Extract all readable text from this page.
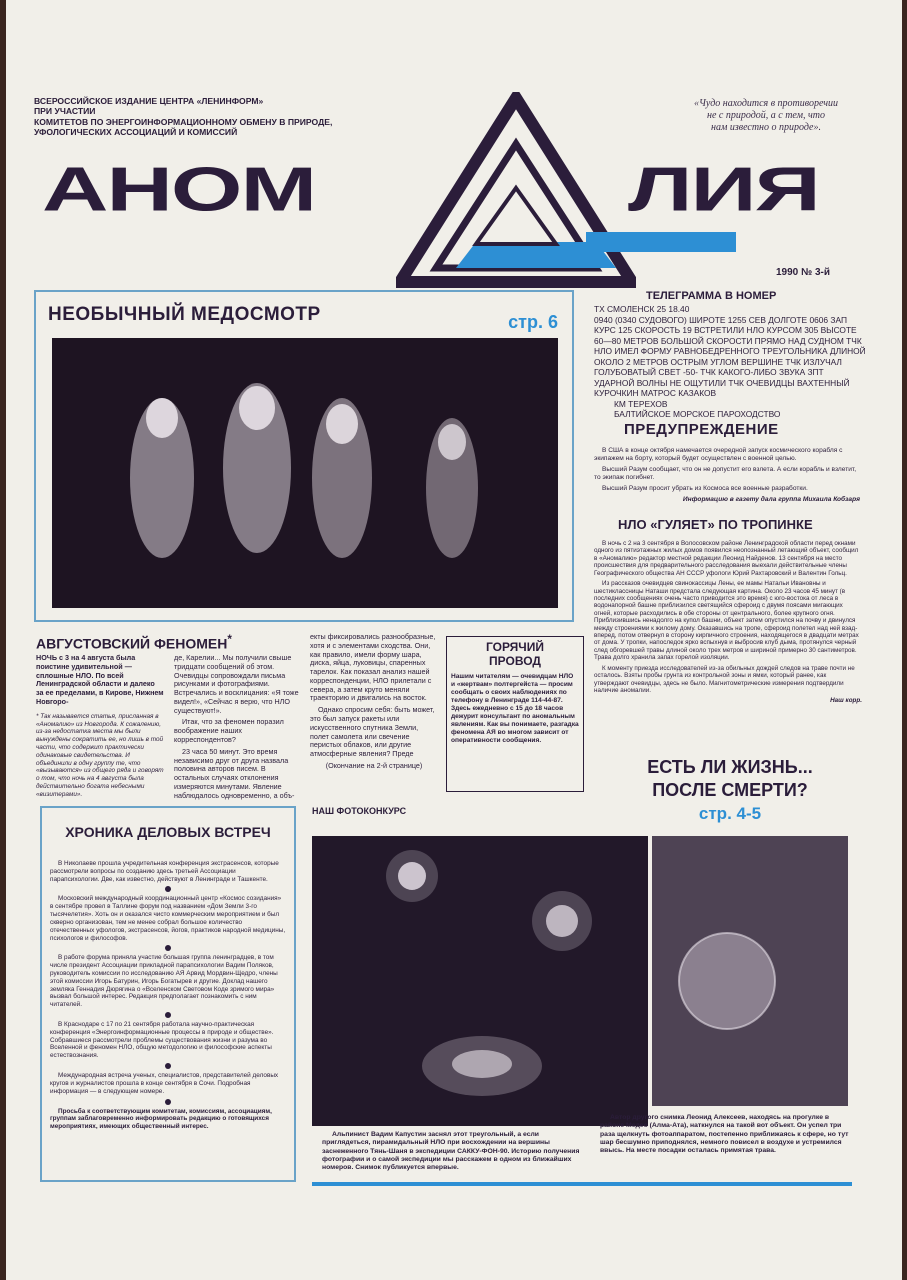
ВСЕРОССИЙСКОЕ ИЗДАНИЕ ЦЕНТРА «ЛЕНИНФОРМ»
ПРИ УЧАСТИИ
КОМИТЕТОВ ПО ЭНЕРГОИНФОРМАЦИОННОМУ ОБМЕНУ В ПРИРОДЕ,
УФОЛОГИЧЕСКИХ АССОЦИАЦИЙ И КОМИССИЙ
«Чудо находится в противоречии
не с природой, а с тем, что
нам известно о природе».
АНОМ	ЛИЯ
1990 № 3-й
НЕОБЫЧНЫЙ МЕДОСМОТР	стр. 6
ТЕЛЕГРАММА В НОМЕР
ТХ СМОЛЕНСК 25 18.40
0940 (0340 СУДОВОГО) ШИРОТЕ 1255 СЕВ ДОЛГОТЕ 0606 ЗАП КУРС 125 СКОРОСТЬ 19 ВСТРЕТИЛИ НЛО КУРСОМ 305 ВЫСОТЕ 60—80 МЕТРОВ БОЛЬШОЙ СКОРОСТИ ПРЯМО НАД СУДНОМ ТЧК НЛО ИМЕЛ ФОРМУ РАВНОБЕДРЕННОГО ТРЕУГОЛЬНИКА ДЛИНОЙ ОКОЛО 2 МЕТРОВ ОСТРЫМ УГЛОМ ВЕРШИНЕ ТЧК ИЗЛУЧАЛ ГОЛУБОВАТЫЙ СВЕТ -50- ТЧК КАКОГО-ЛИБО ЗВУКА ЗПТ УДАРНОЙ ВОЛНЫ НЕ ОЩУТИЛИ ТЧК ОЧЕВИДЦЫ ВАХТЕННЫЙ КУРОЧКИН МАТРОС КАЗАКОВ
КМ ТЕРЕХОВ
БАЛТИЙСКОЕ МОРСКОЕ ПАРОХОДСТВО
ПРЕДУПРЕЖДЕНИЕ

В США в конце октября намечается очередной запуск космического корабля с экипажем на борту, который будет осуществлен с военной целью.

Высший Разум сообщает, что он не допустит его взлета. А если корабль и взлетит, то экипаж погибнет.

Высший Разум просит убрать из Космоса все военные разработки.

Информацию в газету дала группа Михаила Кобзаря
НЛО «ГУЛЯЕТ» ПО ТРОПИНКЕ

В ночь с 2 на 3 сентября в Волосовском районе Ленинградской области перед окнами одного из пятиэтажных жилых домов появился неопознанный летающий объект, сообщил в «Аномалию» редактор местной редакции Леонид Найденов. 13 сентября на место происшествия для предварительного расследования выехали действительные члены Географического общества АН СССР уфологи Юрий Рахтаровский и Валентин Гольц.

Из рассказов очевидцев свинокассицы Лены, ее мамы Натальи Ивановны и шестиклассницы Наташи предстала следующая картина. Около 23 часов 45 минут (в последних сообщениях очень часто приводится это время) с юго-востока от леса в водонапорной башне приблизился светящийся сфероид с двумя поясами мигающих огней, которые расходились в обе стороны от центрального, более крупного огня. Приблизившись ненадолго на купол башни, объект затем опустился на почву и двинулся между строениями к жилому дому. Оказавшись на тропе, сфероид полетел над ней взад-вперед, потом отвернул в сторону кирпичного строения, находящегося в двадцати метрах от дома. У тропки, напоследок ярко вспыхнув и выбросив клуб дыма, протянулся черный след обгоревшей травы длиной около трех метров и шириной примерно 30 сантиметров. Трава долго хранила запах горелой изоляции.

К моменту приезда исследователей из-за обильных дождей следов на траве почти не осталось. Взяты пробы грунта из контрольной зоны и ямки, который ранее, как утверждают очевидцы, здесь не было. Магнитометрические измерения подтвердили наличие аномалии.

Наш корр.
ЕСТЬ ЛИ ЖИЗНЬ...
ПОСЛЕ СМЕРТИ?
стр. 4-5
АВГУСТОВСКИЙ ФЕНОМЕН*

НОЧЬ с 3 на 4 августа была поистине удивительной — сплошные НЛО. По всей Ленинградской области и далеко за ее пределами, в Кирове, Нижнем Новгоро-

* Так называется статья, присланная в «Аномалию» из Новгорода. К сожалению, из-за недостатка места мы были вынуждены сократить ее, но лишь в той части, что содержит практически одинаковые свидетельства. И объединили в одну группу те, что «вызываются» из общего ряда и говорят о том, что ночь на 4 августа была действительно богата небесными «визитерами».

де, Карелии... Мы получили свыше тридцати сообщений об этом. Очевидцы сопровождали письма рисунками и фотографиями. Встречались и восклицания: «Я тоже видел!», «Сейчас я верю, что НЛО существуют!».

Итак, что за феномен поразил воображение наших корреспондентов?

23 часа 50 минут. Это время независимо друг от друга назвала половина авторов писем. В остальных случаях отклонения измеряются минутами. Явление наблюдалось одновременно, а объ-

екты фиксировались разнообразные, хотя и с элементами сходства. Они, как правило, имели форму шара, диска, яйца, луковицы, спаренных тарелок. Как показал анализ нашей корреспонденции, НЛО прилетали с севера, а затем круто меняли траекторию и двигались на восток.

Однако спросим себя: быть может, это был запуск ракеты или искусственного спутника Земли, полет самолета или свечение перистых облаков, или другие атмосферные явления? Преде

(Окончание на 2-й странице)

ГОРЯЧИЙ
ПРОВОД
Нашим читателям — очевидцам НЛО и «жертвам» полтергейста — просим сообщать о своих наблюдениях по телефону в Ленинграде 114-44-87. Здесь ежедневно с 15 до 18 часов дежурит консультант по аномальным явлениям. Как вы понимаете, разгадка феномена АЯ во многом зависит от оперативности сообщения.
ХРОНИКА ДЕЛОВЫХ ВСТРЕЧ

В Николаеве прошла учредительная конференция экстрасенсов, которые рассмотрели вопросы по созданию здесь третьей Ассоциации парапсихологии. Две, как известно, действуют в Ленинграде и Ташкенте.

Московский международный координационный центр «Космос созидания» в сентябре провел в Таллине форум под названием «Дом Земли 3-го тысячелетия». Хоть он и оказался чисто коммерческим мероприятием и был скверно организован, тем не менее собрал большое количество отечественных уфологов, экстрасенсов, йогов, практиков народной медицины, психологов и философов.

В работе форума приняла участие большая группа ленинградцев, в том числе президент Ассоциации прикладной парапсихологии Вадим Поляков, руководитель комиссии по исследованию АЯ Арвид Мордвин-Щедро, члены этой комиссии Игорь Батурин, Игорь Богатырев и другие. Доклад нашего земляка Геннадия Дюрягина о «Вселенском Световом Коде зримого мира» вызвал большой интерес. Редакция предполагает познакомить с ним читателей.

В Краснодаре с 17 по 21 сентября работала научно-практическая конференция «Энергоинформационные процессы в природе и обществе». Собравшиеся рассмотрели проблемы существования жизни и разума во Вселенной и феномен НЛО, общую методологию и философские аспекты естествознания.

Международная встреча ученых, специалистов, представителей деловых кругов и журналистов прошла в конце сентября в Сочи. Подробная информация — в следующем номере.

Просьба к соответствующим комитетам, комиссиям, ассоциациям, группам заблаговременно информировать редакцию о готовящихся мероприятиях, имеющих общественный интерес.

НАШ ФОТОКОНКУРС
Альпинист Вадим Капустин заснял этот треугольный, а если приглядеться, пирамидальный НЛО при восхождении на вершины заснеженного Тянь-Шаня в экспедиции САККУ-ФОН-90. Историю получения фотографии и о самой экспедиции мы расскажем в одном из ближайших номеров. Снимок публикуется впервые.
Автор другого снимка Леонид Алексеев, находясь на прогулке в районе Медео (Алма-Ата), наткнулся на такой вот объект. Он успел три раза щелкнуть фотоаппаратом, постепенно приближаясь к сфере, но тут шар бесшумно приподнялся, немного повисел в воздухе и устремился ввысь. На месте посадки осталась примятая трава.
